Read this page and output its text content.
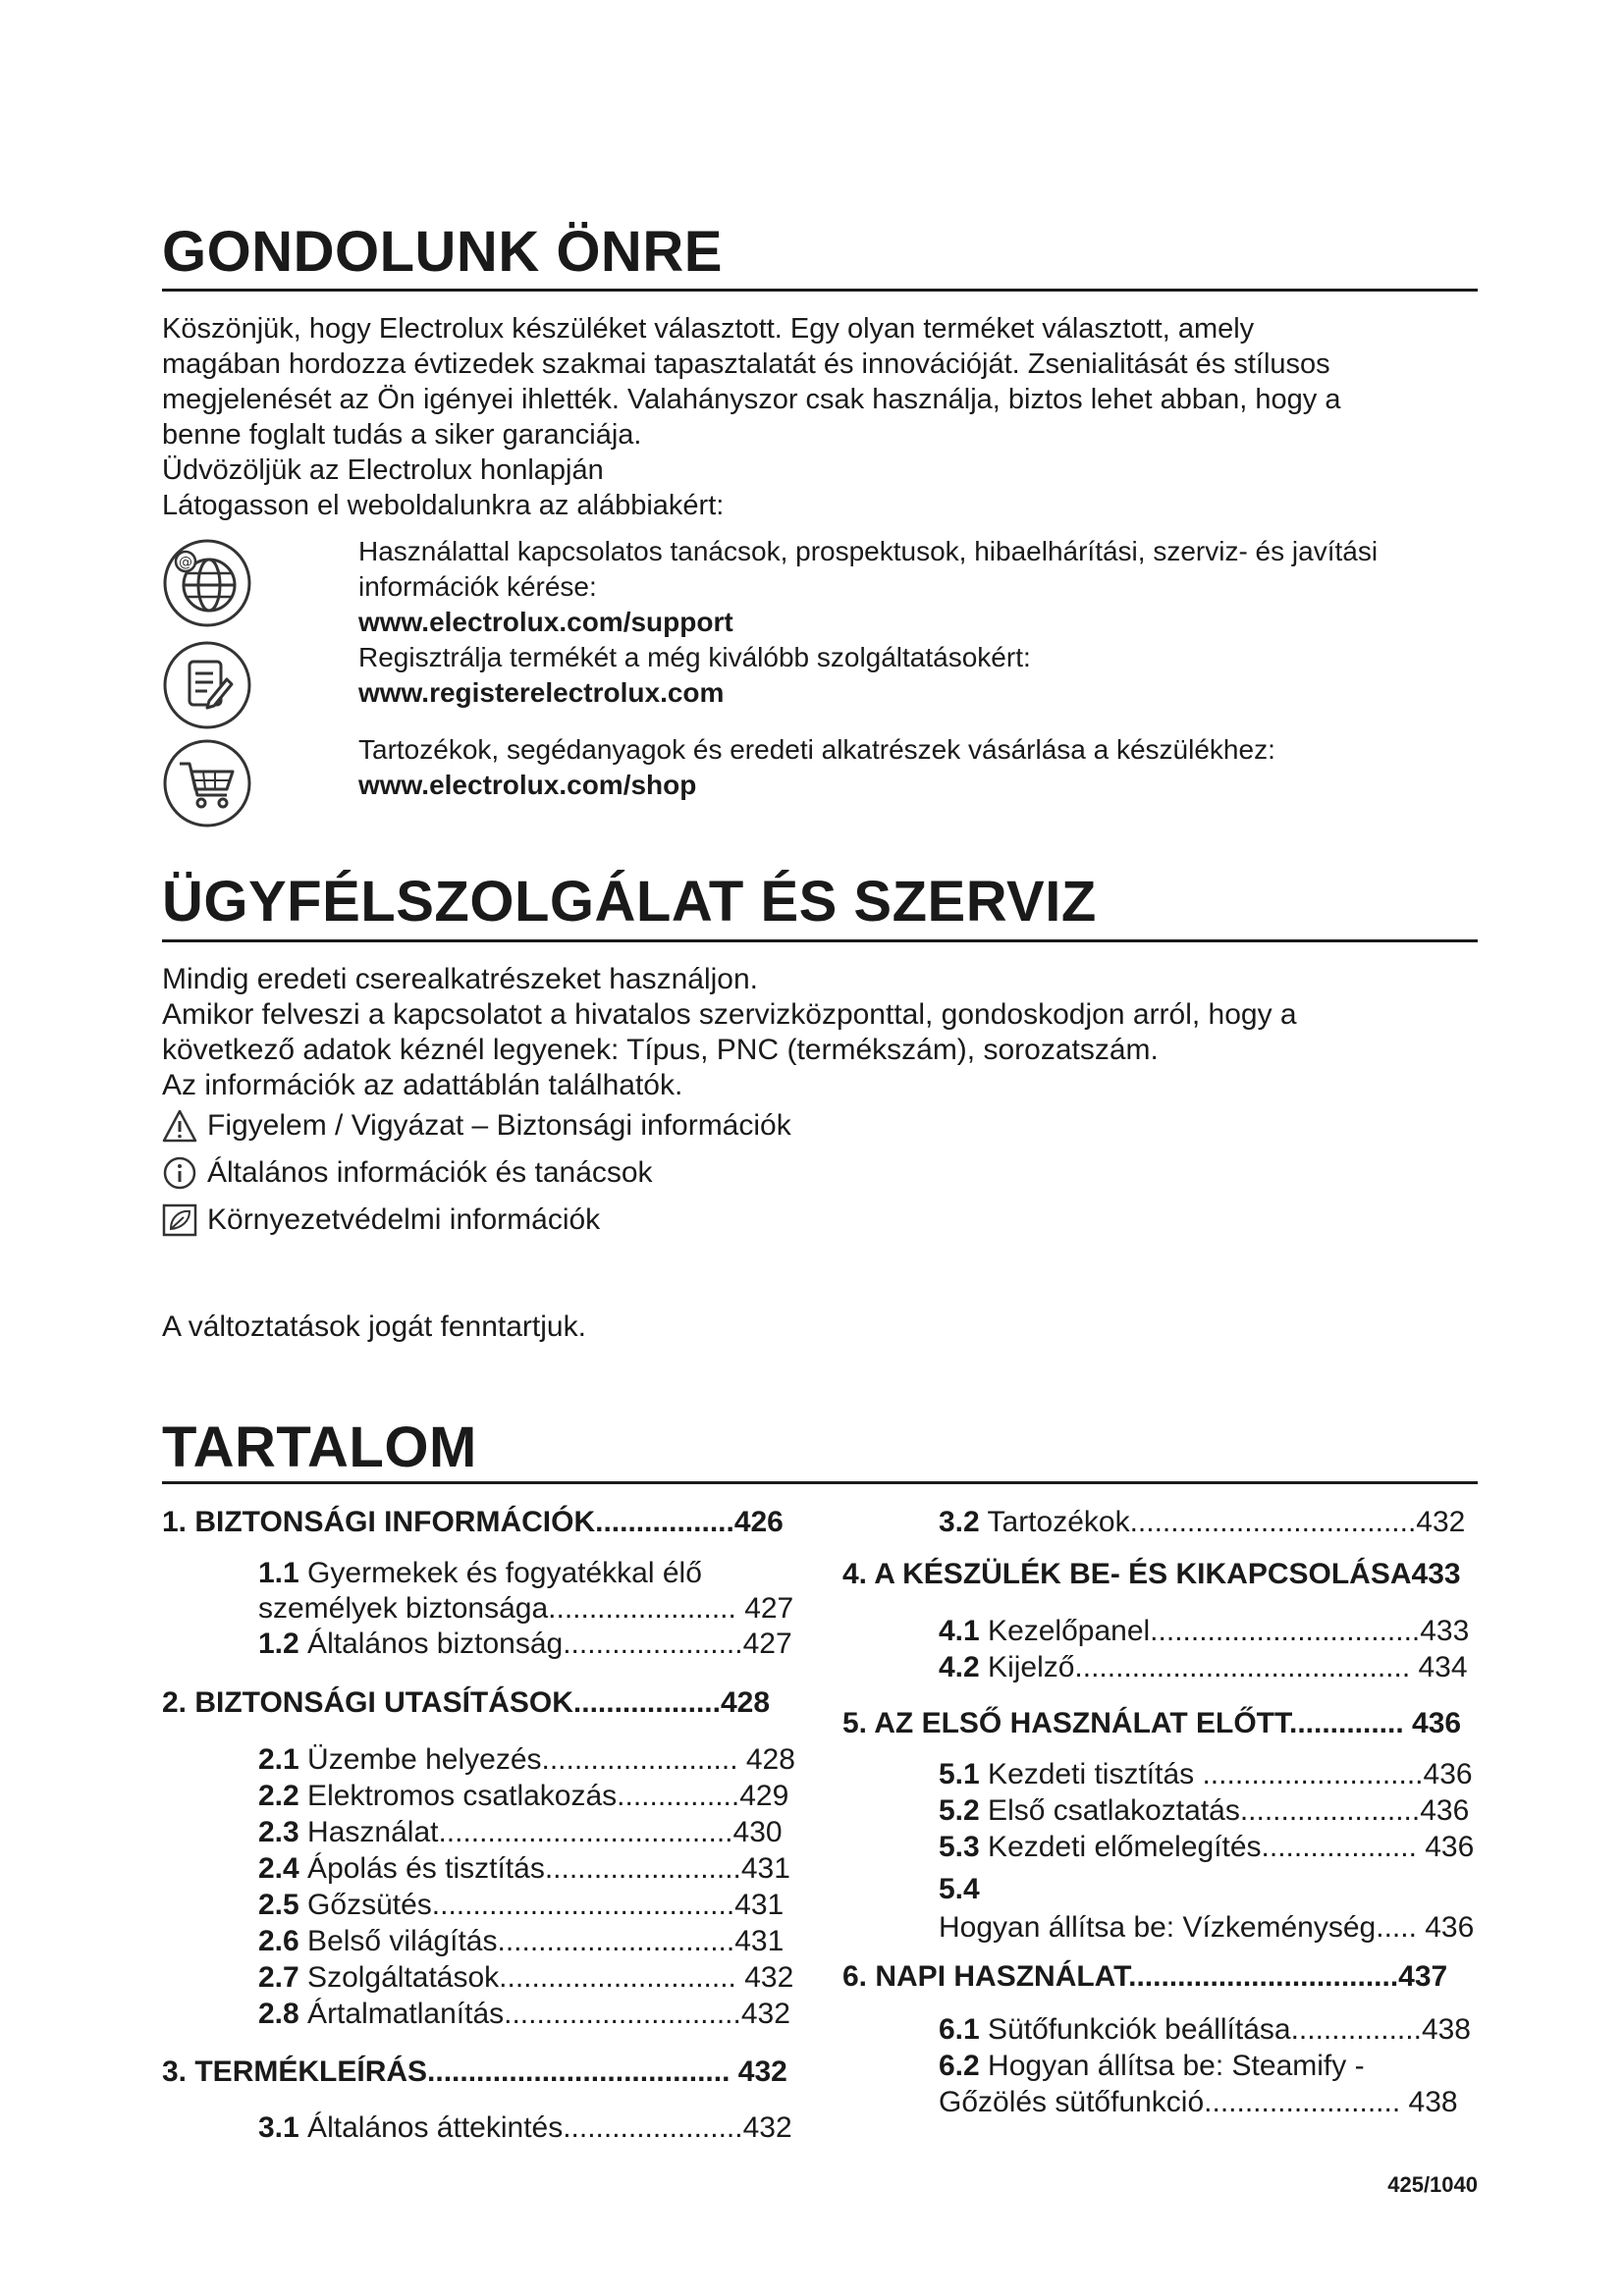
GONDOLUNK ÖNRE
Köszönjük, hogy Electrolux készüléket választott. Egy olyan terméket választott, amely
magában hordozza évtizedek szakmai tapasztalatát és innovációját. Zsenialitását és stílusos
megjelenését az Ön igényei ihlették. Valahányszor csak használja, biztos lehet abban, hogy a
benne foglalt tudás a siker garanciája.
Üdvözöljük az Electrolux honlapján
Látogasson el weboldalunkra az alábbiakért:
@	Használattal kapcsolatos tanácsok, prospektusok, hibaelhárítási, szerviz- és javítási
információk kérése:
www.electrolux.com/support
Regisztrálja termékét a még kiválóbb szolgáltatásokért:
www.registerelectrolux.com
Tartozékok, segédanyagok és eredeti alkatrészek vásárlása a készülékhez:
www.electrolux.com/shop
ÜGYFÉLSZOLGÁLAT ÉS SZERVIZ
Mindig eredeti cserealkatrészeket használjon.
Amikor felveszi a kapcsolatot a hivatalos szervizközponttal, gondoskodjon arról, hogy a
következő adatok kéznél legyenek: Típus, PNC (termékszám), sorozatszám.
Az információk az adattáblán találhatók.
Figyelem / Vigyázat – Biztonsági információk
Általános információk és tanácsok
Környezetvédelmi információk
A változtatások jogát fenntartjuk.
TARTALOM
1. BIZTONSÁGI INFORMÁCIÓK.................426
1.1 Gyermekek és fogyatékkal élő
személyek biztonsága....................... 427
1.2 Általános biztonság......................427
2. BIZTONSÁGI UTASÍTÁSOK..................428
2.1 Üzembe helyezés........................ 428
2.2 Elektromos csatlakozás...............429
2.3 Használat....................................430
2.4 Ápolás és tisztítás........................431
2.5 Gőzsütés.....................................431
2.6 Belső világítás.............................431
2.7 Szolgáltatások............................. 432
2.8 Ártalmatlanítás.............................432
3. TERMÉKLEÍRÁS..................................... 432
3.1 Általános áttekintés......................432
3.2 Tartozékok...................................432
4. A KÉSZÜLÉK BE- ÉS KIKAPCSOLÁSA433
4.1 Kezelőpanel.................................433
4.2 Kijelző......................................... 434
5. AZ ELSŐ HASZNÁLAT ELŐTT.............. 436
5.1 Kezdeti tisztítás ...........................436
5.2 Első csatlakoztatás......................436
5.3 Kezdeti előmelegítés................... 436
5.4
Hogyan állítsa be: Vízkeménység..... 436
6. NAPI HASZNÁLAT.................................437
6.1 Sütőfunkciók beállítása................438
6.2 Hogyan állítsa be: Steamify -
Gőzölés sütőfunkció........................ 438
425/1040
